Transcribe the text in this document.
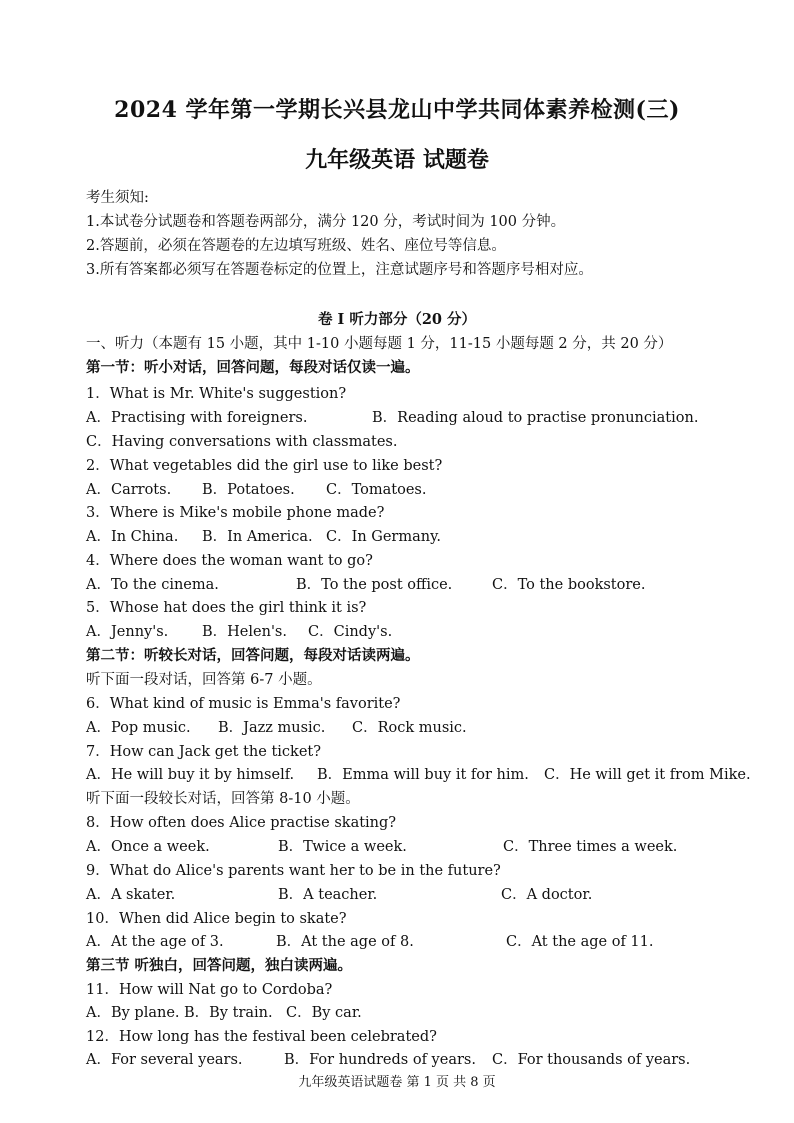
2024 学年第一学期长兴县龙山中学共同体素养检测(三)
九年级英语 试题卷
考生须知:
1.本试卷分试题卷和答题卷两部分，满分 120 分，考试时间为 100 分钟。
2.答题前，必须在答题卷的左边填写班级、姓名、座位号等信息。
3.所有答案都必须写在答题卷标定的位置上，注意试题序号和答题序号相对应。
卷 I 听力部分（20 分）
一、听力（本题有 15 小题，其中 1-10 小题每题 1 分，11-15 小题每题 2 分，共 20 分）
第一节：听小对话，回答问题，每段对话仅读一遍。
1．What is Mr. White's suggestion?
A．Practising with foreigners.	B．Reading aloud to practise pronunciation.
C．Having conversations with classmates.
2．What vegetables did the girl use to like best?
A．Carrots. B．Potatoes. C．Tomatoes.
3．Where is Mike's mobile phone made?
A．In China. B．In America. C．In Germany.
4．Where does the woman want to go?
A．To the cinema.	B．To the post office.	C．To the bookstore.
5．Whose hat does the girl think it is?
A．Jenny's. B．Helen's. C．Cindy's.
第二节：听较长对话，回答问题，每段对话读两遍。
听下面一段对话，回答第 6-7 小题。
6．What kind of music is Emma's favorite?
A．Pop music. B．Jazz music. C．Rock music.
7．How can Jack get the ticket?
A．He will buy it by himself. B．Emma will buy it for him. C．He will get it from Mike.
听下面一段较长对话，回答第 8-10 小题。
8．How often does Alice practise skating?
A．Once a week.	B．Twice a week.	C．Three times a week.
9．What do Alice's parents want her to be in the future?
A．A skater.	B．A teacher.	C．A doctor.
10．When did Alice begin to skate?
A．At the age of 3.	B．At the age of 8.	C．At the age of 11.
第三节 听独白，回答问题，独白读两遍。
11．How will Nat go to Cordoba?
A．By plane. B．By train. C．By car.
12．How long has the festival been celebrated?
A．For several years.	B．For hundreds of years. C．For thousands of years.
九年级英语试题卷 第 1 页 共 8 页
